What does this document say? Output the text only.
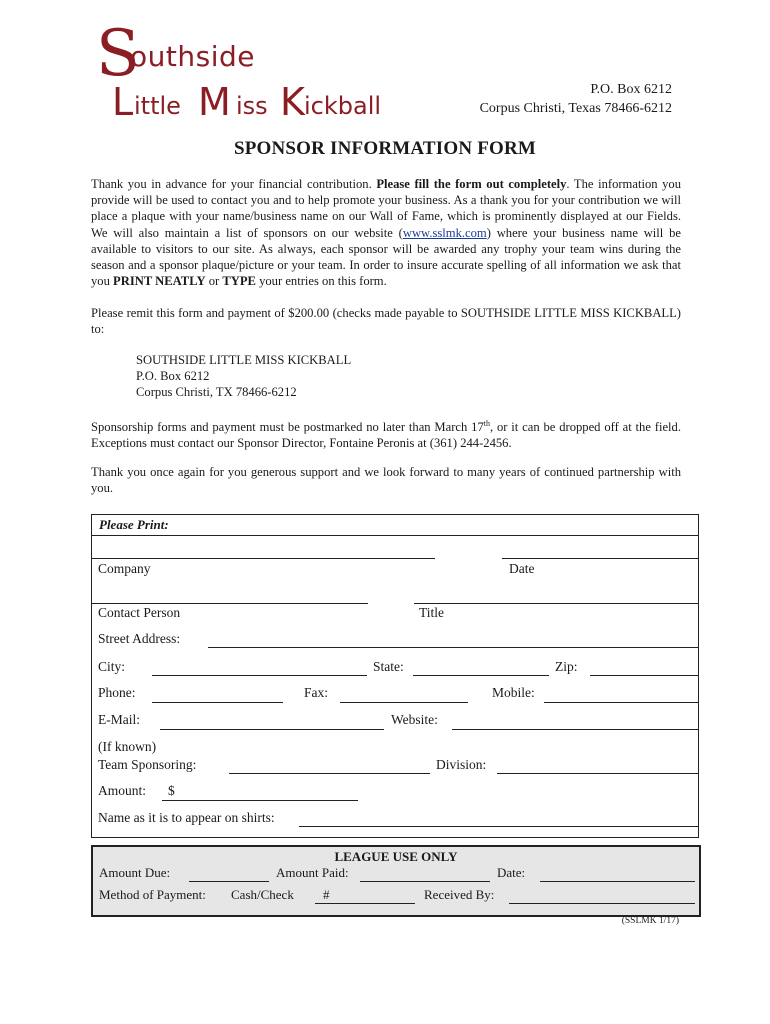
S
outhside
L ittle M iss K ickball
P.O. Box 6212
Corpus Christi, Texas 78466-6212
SPONSOR INFORMATION FORM
Thank you in advance for your financial contribution. Please fill the form out completely. The information you provide will be used to contact you and to help promote your business. As a thank you for your contribution we will place a plaque with your name/business name on our Wall of Fame, which is prominently displayed at our Fields. We will also maintain a list of sponsors on our website (www.sslmk.com) where your business name will be available to visitors to our site. As always, each sponsor will be awarded any trophy your team wins during the season and a sponsor plaque/picture or your team. In order to insure accurate spelling of all information we ask that you PRINT NEATLY or TYPE your entries on this form.
Please remit this form and payment of $200.00 (checks made payable to SOUTHSIDE LITTLE MISS KICKBALL) to:
SOUTHSIDE LITTLE MISS KICKBALL
P.O. Box 6212
Corpus Christi, TX 78466-6212
Sponsorship forms and payment must be postmarked no later than March 17th, or it can be dropped off at the field. Exceptions must contact our Sponsor Director, Fontaine Peronis at (361) 244-2456.
Thank you once again for you generous support and we look forward to many years of continued partnership with you.
Please Print:
Company	Date
Contact Person	Title
Street Address:
City:	State:	Zip:
Phone:	Fax:	Mobile:
E-Mail:	Website:
(If known)
Team Sponsoring:	Division:
Amount: $
Name as it is to appear on shirts:
LEAGUE USE ONLY
Amount Due:	Amount Paid:	Date:
Method of Payment: Cash/Check #	Received By:
(SSLMK 1/17)
